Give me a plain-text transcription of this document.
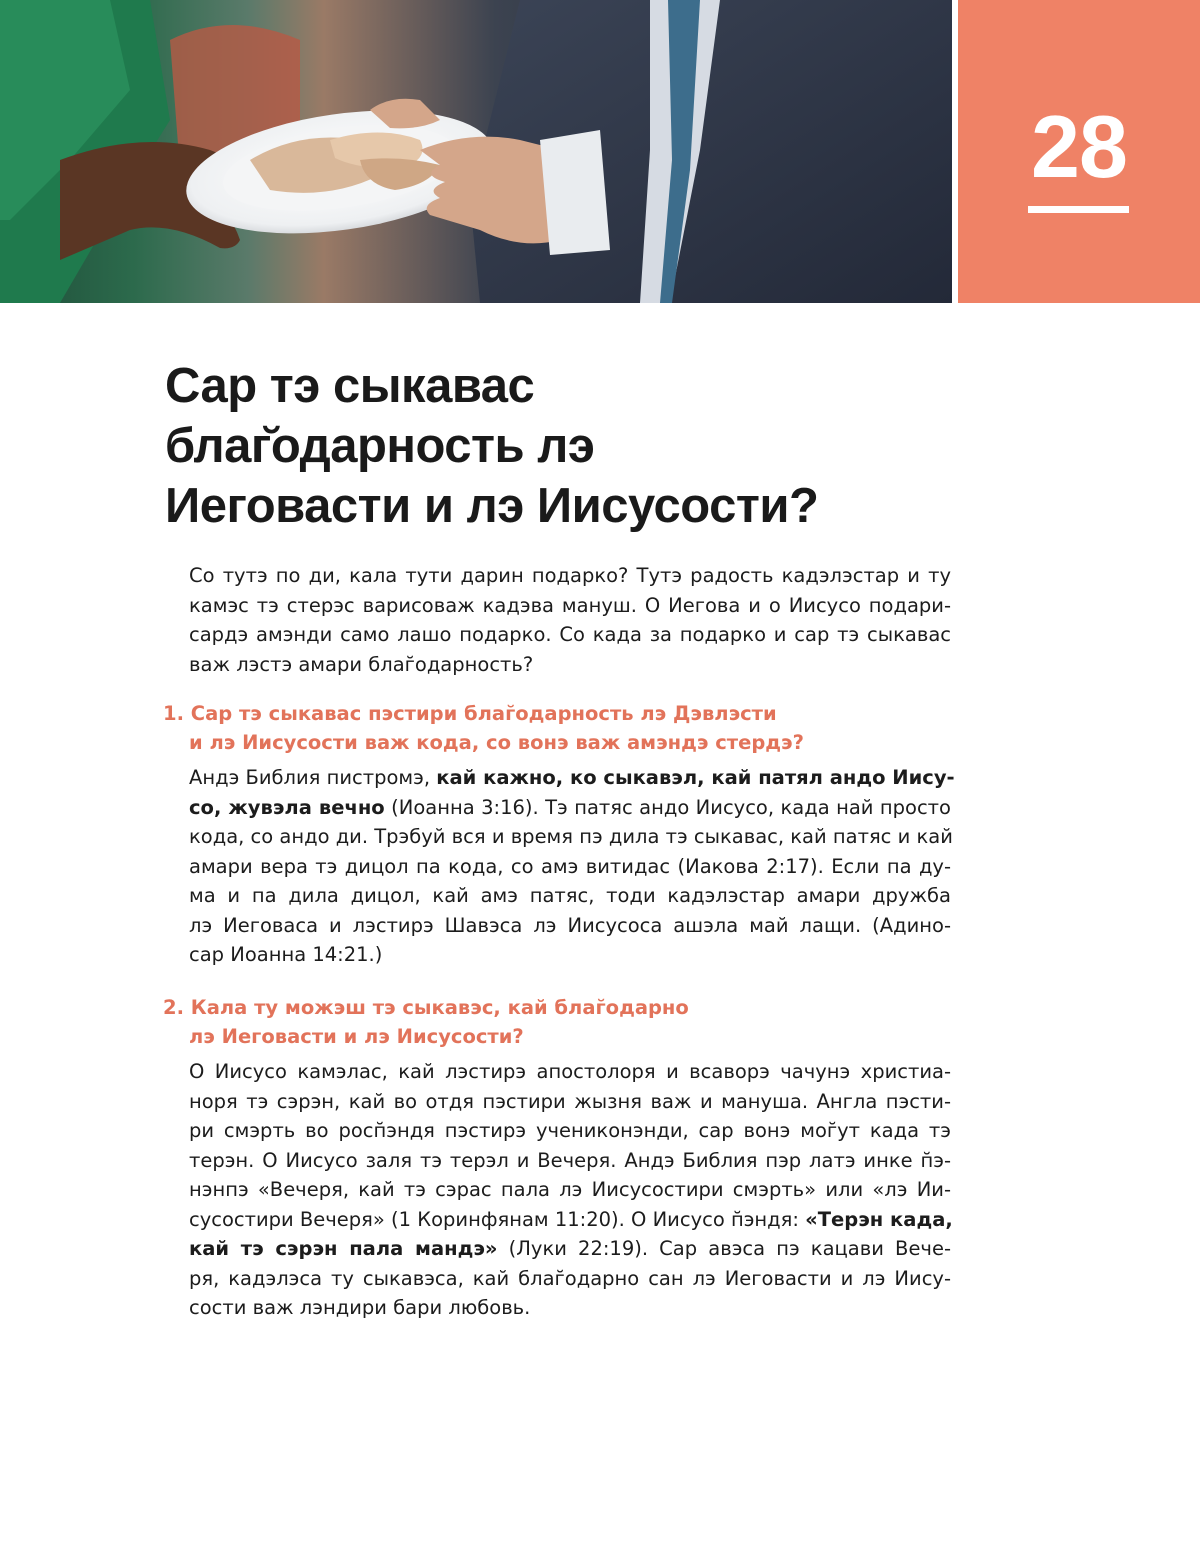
28
Сар тэ сыкавас
благ̆одарность лэ
Иеговасти и лэ Иисусости?

Со тутэ по ди, кала тути дарин подарко? Тутэ радость кадэлэстар и ту
камэс тэ стерэс варисоваж кадэва мануш. О Иегова и о Иисусо подари-
сардэ амэнди само лашо подарко. Со када за подарко и сар тэ сыкавас
важ лэстэ амари благ̆одарность?

1. Сар тэ сыкавас пэстири благ̆одарность лэ Дэвлэсти
и лэ Иисусости важ кода, со вонэ важ амэндэ стердэ?

Андэ Библия пистромэ, кай кажно, ко сыкавэл, кай патял андо Иису-
со, жувэла вечно (Иоанна 3:16). Тэ патяс андо Иисусо, када най просто
кода, со андо ди. Трэбуй вся и время пэ дила тэ сыкавас, кай патяс и кай
амари вера тэ дицол па кода, со амэ витидас (Иакова 2:17). Если па ду-
ма и па дила дицол, кай амэ патяс, тоди кадэлэстар амари дружба
лэ Иеговаса и лэстирэ Шавэса лэ Иисусоса ашэла май лащи. (Адино-
сар Иоанна 14:21.)

2. Кала ту можэш тэ сыкавэс, кай благ̆одарно
лэ Иеговасти и лэ Иисусости?

О Иисусо камэлас, кай лэстирэ апостолоря и всаворэ чачунэ христиа-
норя тэ сэрэн, кай во отдя пэстири жызня важ и мануша. Англа пэсти-
ри смэрть во росп̆эндя пэстирэ учениконэнди, сар вонэ мог̆ут када тэ
терэн. О Иисусо заля тэ терэл и Вечеря. Андэ Библия пэр латэ инке п̆э-
нэнпэ «Вечеря, кай тэ сэрас пала лэ Иисусостири смэрть» или «лэ Ии-
сусостири Вечеря» (1 Коринфянам 11:20). О Иисусо п̆эндя: «Терэн када,
кай тэ сэрэн пала мандэ» (Луки 22:19). Сар авэса пэ кацави Вече-
ря, кадэлэса ту сыкавэса, кай благ̆одарно сан лэ Иеговасти и лэ Иису-
сости важ лэндири бари любовь.
